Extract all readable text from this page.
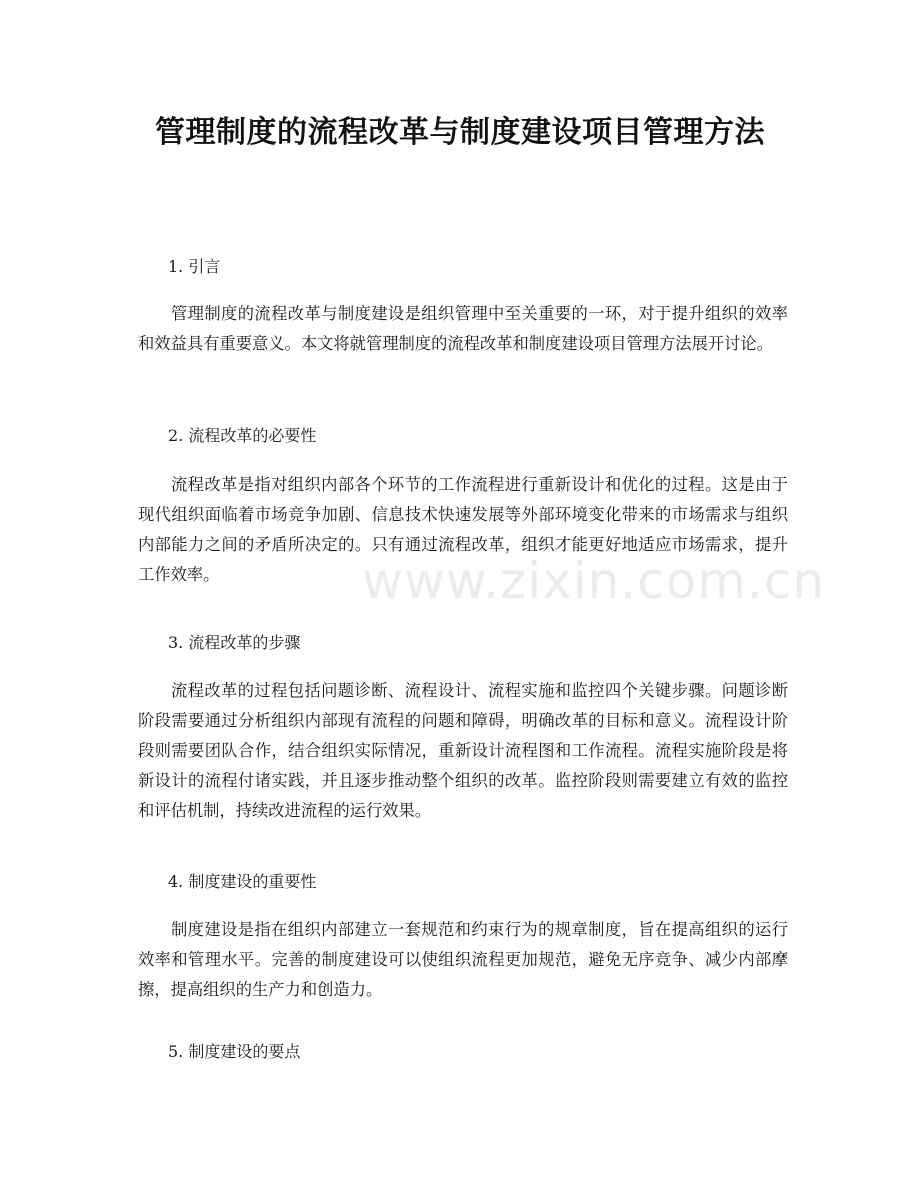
管理制度的流程改革与制度建设项目管理方法
1. 引言
管理制度的流程改革与制度建设是组织管理中至关重要的一环，对于提升组织的效率和效益具有重要意义。本文将就管理制度的流程改革和制度建设项目管理方法展开讨论。
2. 流程改革的必要性
流程改革是指对组织内部各个环节的工作流程进行重新设计和优化的过程。这是由于现代组织面临着市场竞争加剧、信息技术快速发展等外部环境变化带来的市场需求与组织内部能力之间的矛盾所决定的。只有通过流程改革，组织才能更好地适应市场需求，提升工作效率。
3. 流程改革的步骤
流程改革的过程包括问题诊断、流程设计、流程实施和监控四个关键步骤。问题诊断阶段需要通过分析组织内部现有流程的问题和障碍，明确改革的目标和意义。流程设计阶段则需要团队合作，结合组织实际情况，重新设计流程图和工作流程。流程实施阶段是将新设计的流程付诸实践，并且逐步推动整个组织的改革。监控阶段则需要建立有效的监控和评估机制，持续改进流程的运行效果。
4. 制度建设的重要性
制度建设是指在组织内部建立一套规范和约束行为的规章制度，旨在提高组织的运行效率和管理水平。完善的制度建设可以使组织流程更加规范，避免无序竞争、减少内部摩擦，提高组织的生产力和创造力。
5. 制度建设的要点
www.zixin.com.cn
